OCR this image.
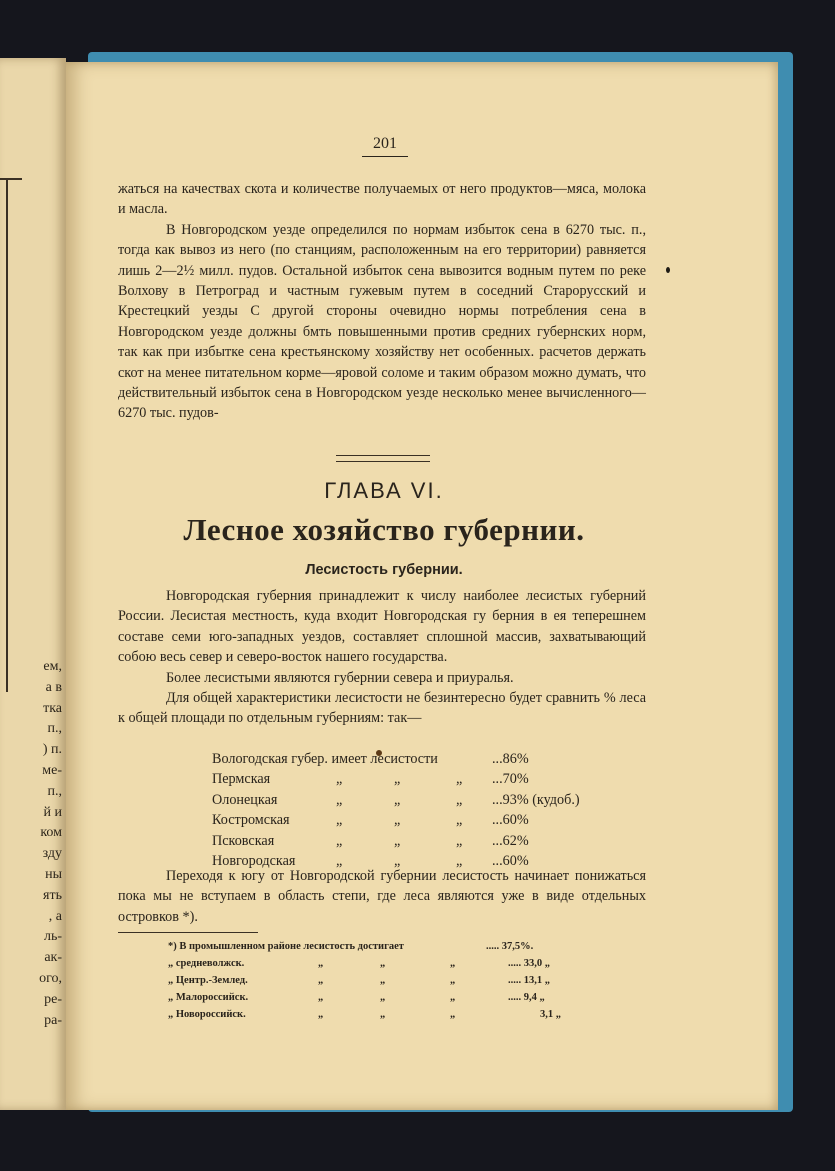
ем,
а в
тка
п.,
) п.
ме-
п.,
й и
ком
зду
ны
ять
, а
ль-
ак-
ого,
ре-
ра-
201

жаться на качествах скота и количестве получаемых от него продуктов—мяса, молока и масла.

В Новгородском уезде определился по нормам избыток сена в 6270 тыс. п., тогда как вывоз из него (по станциям, расположенным на его территории) равняется лишь 2—2½ милл. пудов. Остальной избыток сена вывозится водным путем по реке Волхову в Петроград и частным гужевым путем в соседний Старорусский и Крестецкий уезды С другой стороны очевидно нормы потребления сена в Новгородском уезде должны бмть повышенными против средних губернских норм, так как при избытке сена крестьянскому хозяйству нет особенных. расчетов держать скот на менее питательном корме—яровой соломе и таким образом можно думать, что действительный избыток сена в Новгородском уезде несколько менее вычисленного—6270 тыс. пудов-

ГЛАВА VI.
Лесное хозяйство губернии.
Лесистость губернии.

Новгородская губерния принадлежит к числу наиболее лесистых губерний России. Лесистая местность, куда входит Новгородская гу берния в ея теперешнем составе семи юго-западных уездов, составляет сплошной массив, захватывающий собою весь север и северо-восток нашего государства.

Более лесистыми являются губернии севера и приуралья.

Для общей характеристики лесистости не безинтересно будет сравнить % леса к общей площади по отдельным губерниям: так—

Вологодская губер. имеет лесистости	...86%
Пермская	„	„	„ ...70%
Олонецкая	„	„	„ ...93% (кудоб.)
Костромская	„	„	„ ...60%
Псковская	„	„	„ ...62%
Новгородская	„	„	„ ...60%

Переходя к югу от Новгородской губернии лесистость начинает понижаться пока мы не вступаем в область степи, где леса являются уже в виде отдельных островков *).

*) В промышленном районе лесистость достигает	..... 37,5%.
„ средневолжск.	„	„	„	..... 33,0 „
„ Центр.-Землед.	„	„	„	..... 13,1 „
„ Малороссийск.	„	„	„	..... 9,4 „
„ Новороссийск.	„	„	„	3,1 „
